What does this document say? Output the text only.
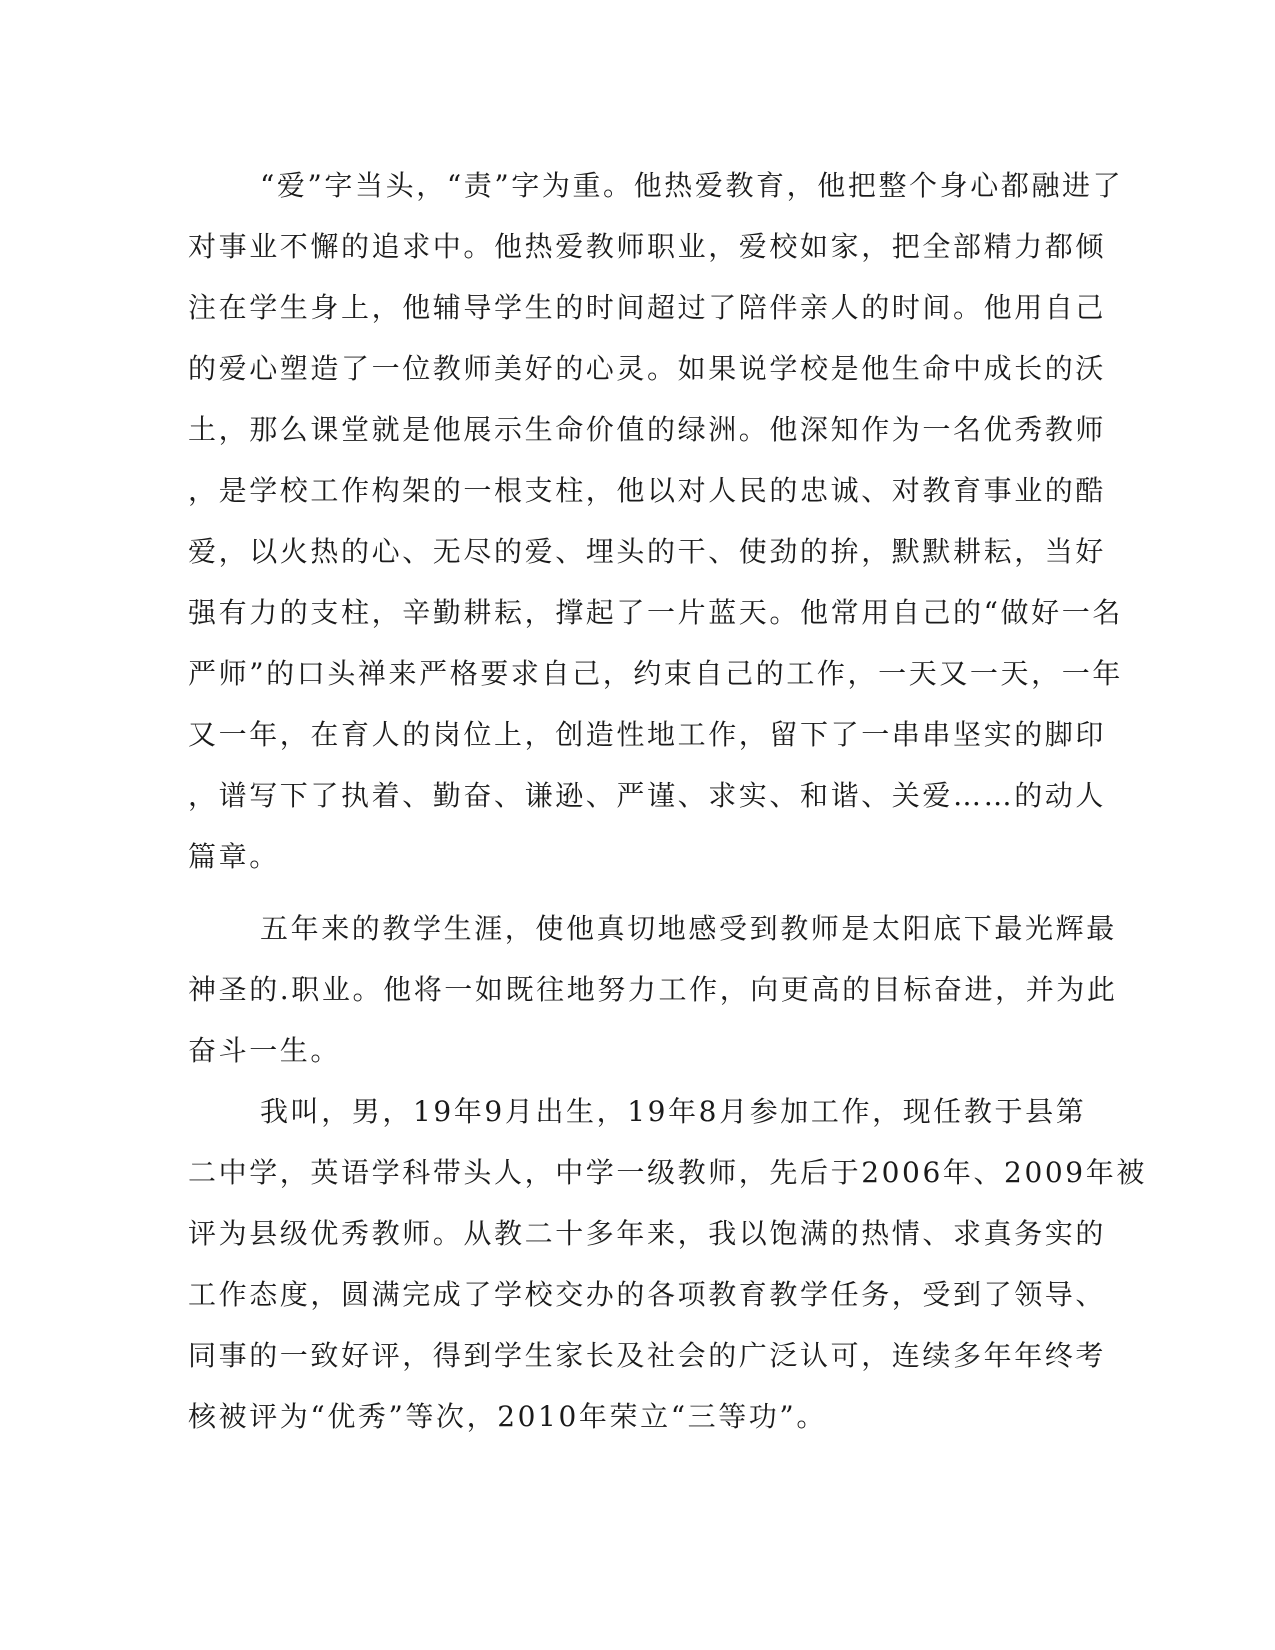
“爱”字当头，“责”字为重。他热爱教育，他把整个身心都融进了
对事业不懈的追求中。他热爱教师职业，爱校如家，把全部精力都倾
注在学生身上，他辅导学生的时间超过了陪伴亲人的时间。他用自己
的爱心塑造了一位教师美好的心灵。如果说学校是他生命中成长的沃
土，那么课堂就是他展示生命价值的绿洲。他深知作为一名优秀教师
，是学校工作构架的一根支柱，他以对人民的忠诚、对教育事业的酷
爱，以火热的心、无尽的爱、埋头的干、使劲的拚，默默耕耘，当好
强有力的支柱，辛勤耕耘，撑起了一片蓝天。他常用自己的“做好一名
严师”的口头禅来严格要求自己，约束自己的工作，一天又一天，一年
又一年，在育人的岗位上，创造性地工作，留下了一串串坚实的脚印
，谱写下了执着、勤奋、谦逊、严谨、求实、和谐、关爱……的动人
篇章。
五年来的教学生涯，使他真切地感受到教师是太阳底下最光辉最
神圣的.职业。他将一如既往地努力工作，向更高的目标奋进，并为此
奋斗一生。
我叫，男，19年9月出生，19年8月参加工作，现任教于县第
二中学，英语学科带头人，中学一级教师，先后于2006年、2009年被
评为县级优秀教师。从教二十多年来，我以饱满的热情、求真务实的
工作态度，圆满完成了学校交办的各项教育教学任务，受到了领导、
同事的一致好评，得到学生家长及社会的广泛认可，连续多年年终考
核被评为“优秀”等次，2010年荣立“三等功”。
